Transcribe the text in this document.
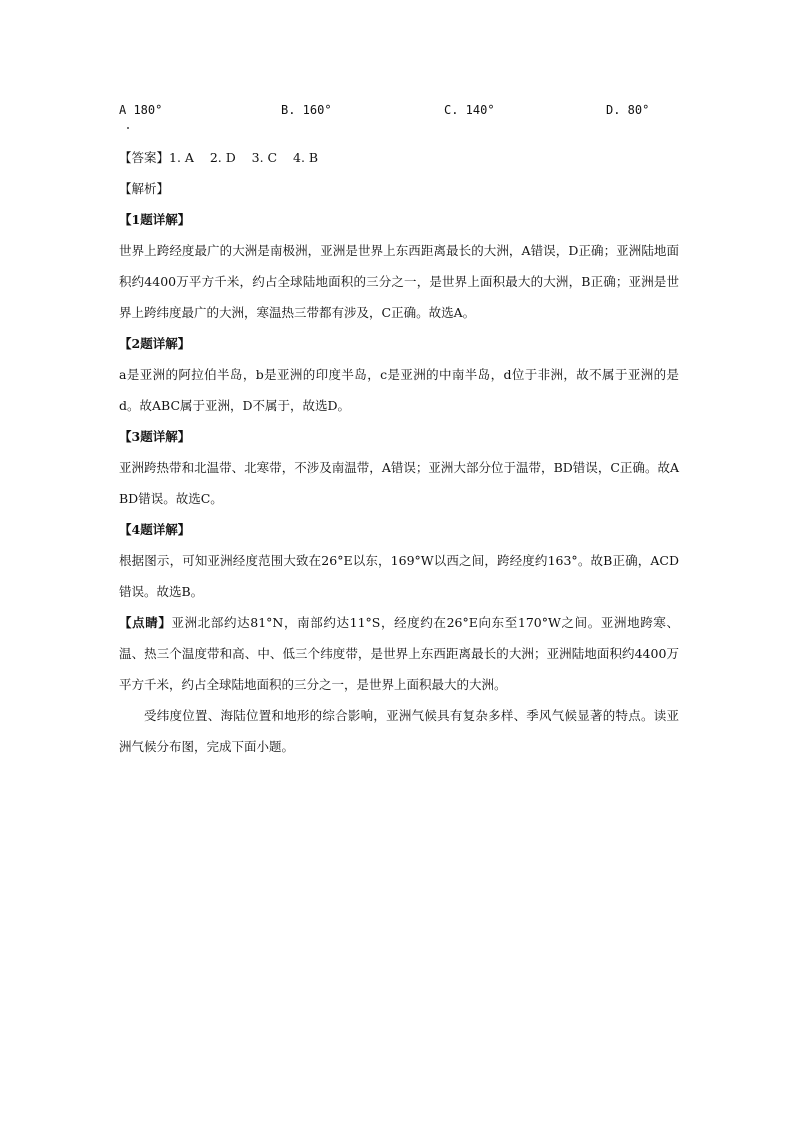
A 180°	B. 160°	C. 140°	D. 80°
【答案】1. A    2. D    3. C    4. B
【解析】
【1题详解】
世界上跨经度最广的大洲是南极洲，亚洲是世界上东西距离最长的大洲，A错误，D正确；亚洲陆地面积约4400万平方千米，约占全球陆地面积的三分之一，是世界上面积最大的大洲，B正确；亚洲是世界上跨纬度最广的大洲，寒温热三带都有涉及，C正确。故选A。
【2题详解】
a是亚洲的阿拉伯半岛，b是亚洲的印度半岛，c是亚洲的中南半岛，d位于非洲，故不属于亚洲的是d。故ABC属于亚洲，D不属于，故选D。
【3题详解】
亚洲跨热带和北温带、北寒带，不涉及南温带，A错误；亚洲大部分位于温带，BD错误，C正确。故ABD错误。故选C。
【4题详解】
根据图示，可知亚洲经度范围大致在26°E以东，169°W以西之间，跨经度约163°。故B正确，ACD错误。故选B。
【点睛】亚洲北部约达81°N，南部约达11°S，经度约在26°E向东至170°W之间。亚洲地跨寒、温、热三个温度带和高、中、低三个纬度带，是世界上东西距离最长的大洲；亚洲陆地面积约4400万平方千米，约占全球陆地面积的三分之一，是世界上面积最大的大洲。
受纬度位置、海陆位置和地形的综合影响，亚洲气候具有复杂多样、季风气候显著的特点。读亚洲气候分布图，完成下面小题。
